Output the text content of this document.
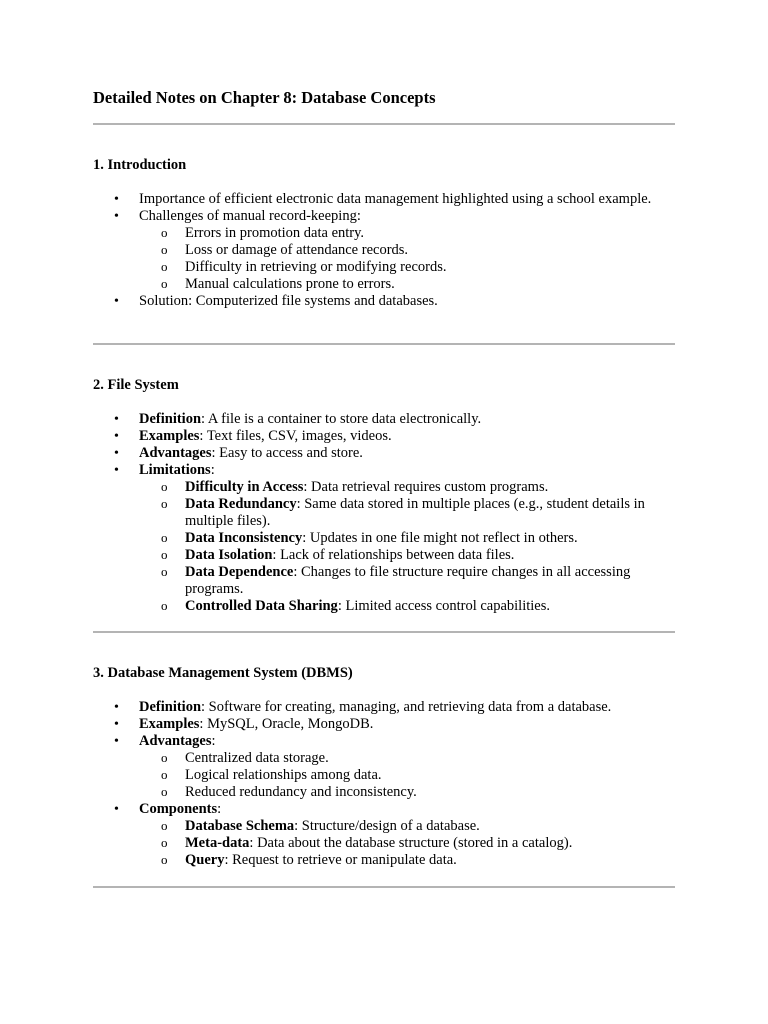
Detailed Notes on Chapter 8: Database Concepts
1. Introduction
• Importance of efficient electronic data management highlighted using a school example.
• Challenges of manual record-keeping:
o Errors in promotion data entry.
o Loss or damage of attendance records.
o Difficulty in retrieving or modifying records.
o Manual calculations prone to errors.
• Solution: Computerized file systems and databases.
2. File System
• Definition: A file is a container to store data electronically.
• Examples: Text files, CSV, images, videos.
• Advantages: Easy to access and store.
• Limitations:
o Difficulty in Access: Data retrieval requires custom programs.
o Data Redundancy: Same data stored in multiple places (e.g., student details in multiple files).
o Data Inconsistency: Updates in one file might not reflect in others.
o Data Isolation: Lack of relationships between data files.
o Data Dependence: Changes to file structure require changes in all accessing programs.
o Controlled Data Sharing: Limited access control capabilities.
3. Database Management System (DBMS)
• Definition: Software for creating, managing, and retrieving data from a database.
• Examples: MySQL, Oracle, MongoDB.
• Advantages:
o Centralized data storage.
o Logical relationships among data.
o Reduced redundancy and inconsistency.
• Components:
o Database Schema: Structure/design of a database.
o Meta-data: Data about the database structure (stored in a catalog).
o Query: Request to retrieve or manipulate data.
